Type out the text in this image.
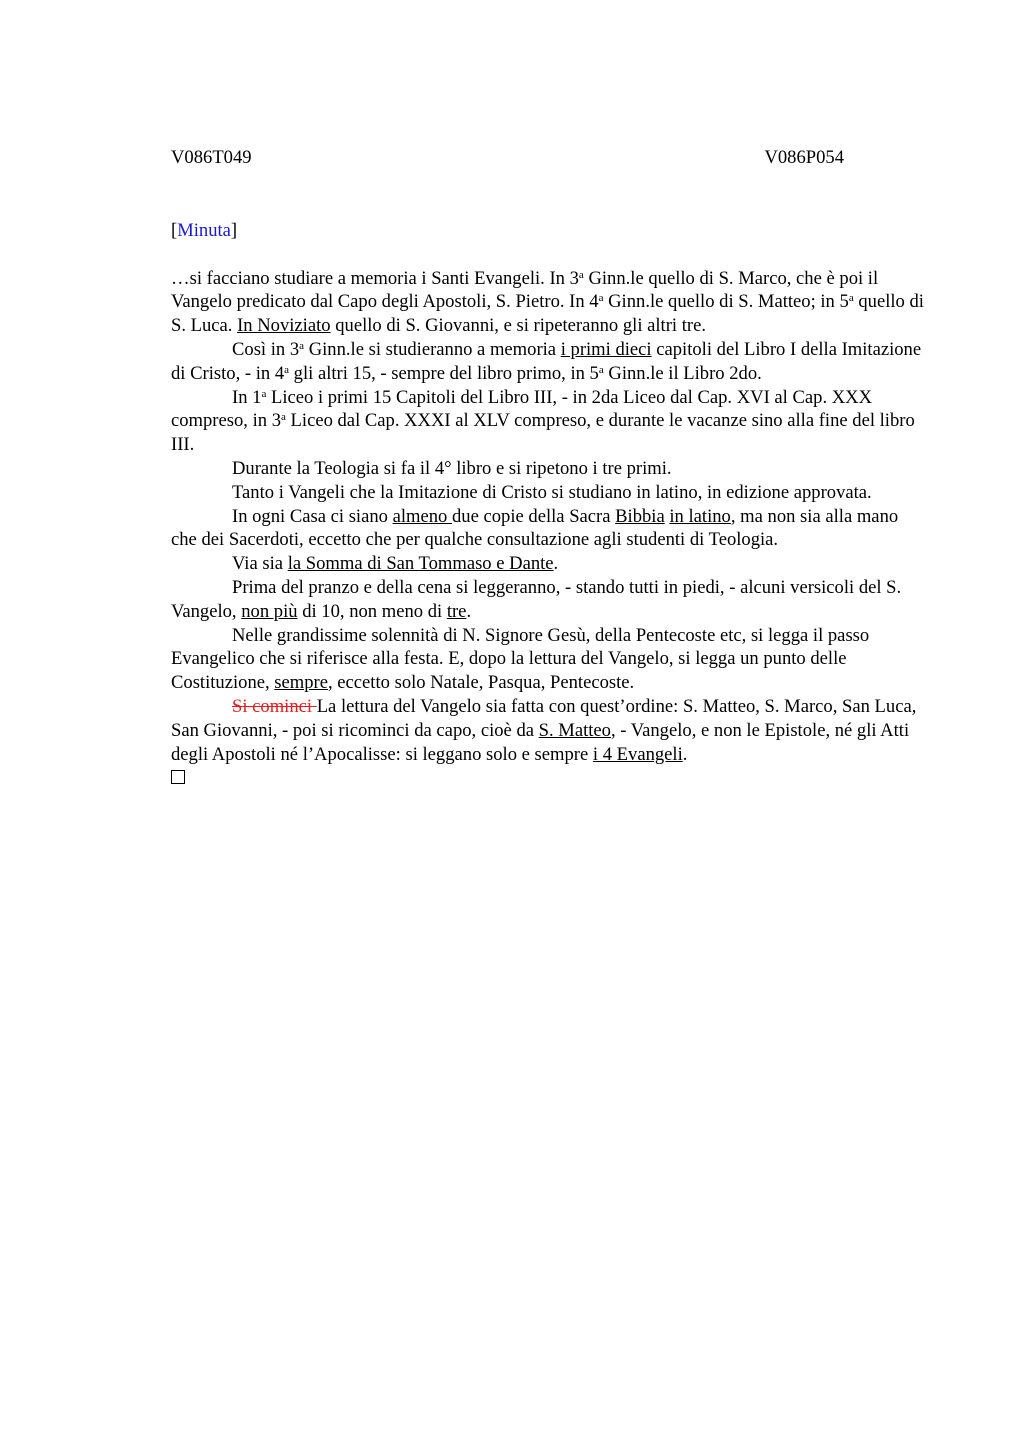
V086T049	V086P054
[Minuta]

…si facciano studiare a memoria i Santi Evangeli. In 3$^a$ Ginn.le quello di S. Marco, che è poi il Vangelo predicato dal Capo degli Apostoli, S. Pietro. In 4$^a$ Ginn.le quello di S. Matteo; in 5$^a$ quello di S. Luca. In Noviziato quello di S. Giovanni, e si ripeteranno gli altri tre.

Così in 3$^a$ Ginn.le si studieranno a memoria i primi dieci capitoli del Libro I della Imitazione di Cristo, - in 4$^a$ gli altri 15, - sempre del libro primo, in 5$^a$ Ginn.le il Libro 2do.

In 1$^a$ Liceo i primi 15 Capitoli del Libro III, - in 2da Liceo dal Cap. XVI al Cap. XXX compreso, in 3$^a$ Liceo dal Cap. XXXI al XLV compreso, e durante le vacanze sino alla fine del libro III.

Durante la Teologia si fa il 4° libro e si ripetono i tre primi.

Tanto i Vangeli che la Imitazione di Cristo si studiano in latino, in edizione approvata.

In ogni Casa ci siano almeno due copie della Sacra Bibbia in latino, ma non sia alla mano che dei Sacerdoti, eccetto che per qualche consultazione agli studenti di Teologia.

Via sia la Somma di San Tommaso e Dante.

Prima del pranzo e della cena si leggeranno, - stando tutti in piedi, - alcuni versicoli del S. Vangelo, non più di 10, non meno di tre.

Nelle grandissime solennità di N. Signore Gesù, della Pentecoste etc, si legga il passo Evangelico che si riferisce alla festa. E, dopo la lettura del Vangelo, si legga un punto delle Costituzione, sempre, eccetto solo Natale, Pasqua, Pentecoste.

Si cominci La lettura del Vangelo sia fatta con quest’ordine: S. Matteo, S. Marco, San Luca, San Giovanni, - poi si ricominci da capo, cioè da S. Matteo, - Vangelo, e non le Epistole, né gli Atti degli Apostoli né l’Apocalisse: si leggano solo e sempre i 4 Evangeli.
